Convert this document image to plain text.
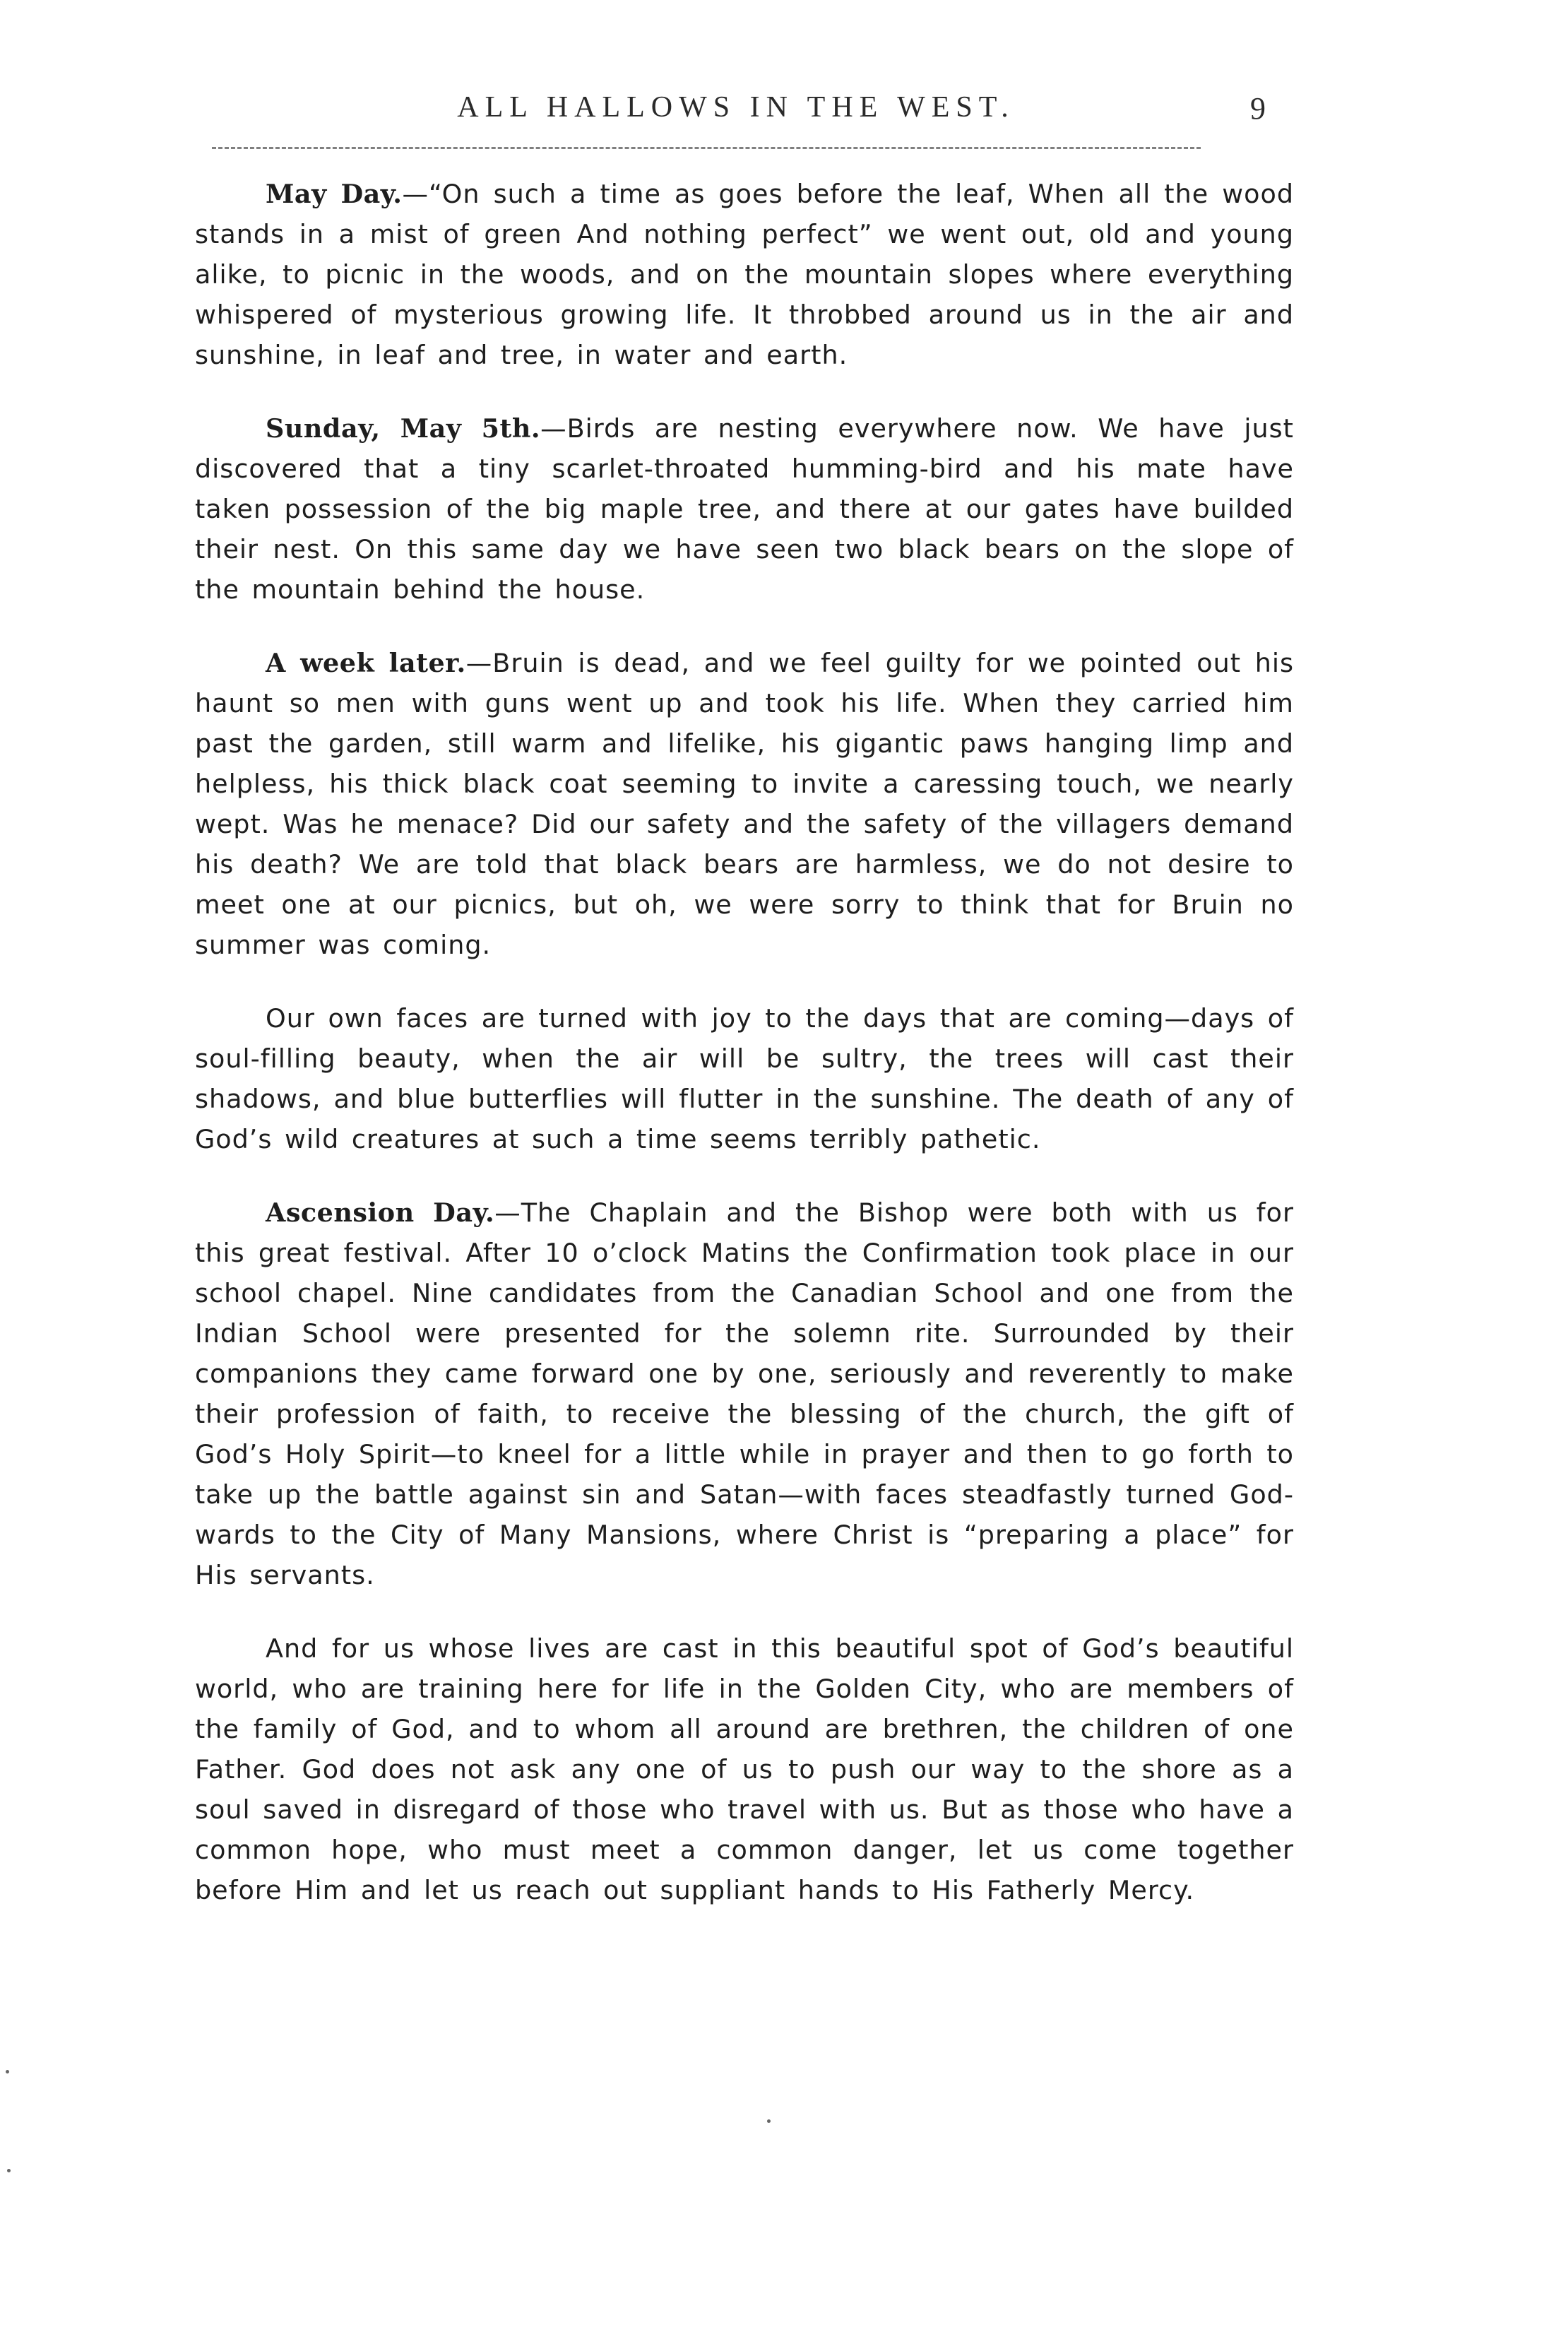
ALL HALLOWS IN THE WEST.	9

May Day.—“On such a time as goes before the leaf, When all the wood stands in a mist of green And nothing perfect” we went out, old and young alike, to picnic in the woods, and on the mountain slopes where everything whispered of mysterious growing life. It throbbed around us in the air and sunshine, in leaf and tree, in water and earth.

Sunday, May 5th.—Birds are nesting everywhere now. We have just discovered that a tiny scarlet-throated humming-bird and his mate have taken possession of the big maple tree, and there at our gates have builded their nest. On this same day we have seen two black bears on the slope of the mountain behind the house.

A week later.—Bruin is dead, and we feel guilty for we pointed out his haunt so men with guns went up and took his life. When they carried him past the garden, still warm and lifelike, his gigantic paws hanging limp and helpless, his thick black coat seeming to invite a caressing touch, we nearly wept. Was he menace? Did our safety and the safety of the villagers demand his death? We are told that black bears are harmless, we do not desire to meet one at our picnics, but oh, we were sorry to think that for Bruin no summer was coming.

Our own faces are turned with joy to the days that are coming—days of soul-filling beauty, when the air will be sultry, the trees will cast their shadows, and blue butterflies will flutter in the sunshine. The death of any of God’s wild creatures at such a time seems terribly pathetic.

Ascension Day.—The Chaplain and the Bishop were both with us for this great festival. After 10 o’clock Matins the Confirmation took place in our school chapel. Nine candidates from the Canadian School and one from the Indian School were presented for the solemn rite. Surrounded by their companions they came forward one by one, seriously and reverently to make their profession of faith, to receive the blessing of the church, the gift of God’s Holy Spirit—to kneel for a little while in prayer and then to go forth to take up the battle against sin and Satan—with faces steadfastly turned God-wards to the City of Many Mansions, where Christ is “preparing a place” for His servants.

And for us whose lives are cast in this beautiful spot of God’s beautiful world, who are training here for life in the Golden City, who are members of the family of God, and to whom all around are brethren, the children of one Father. God does not ask any one of us to push our way to the shore as a soul saved in disregard of those who travel with us. But as those who have a common hope, who must meet a common danger, let us come together before Him and let us reach out suppliant hands to His Fatherly Mercy.
